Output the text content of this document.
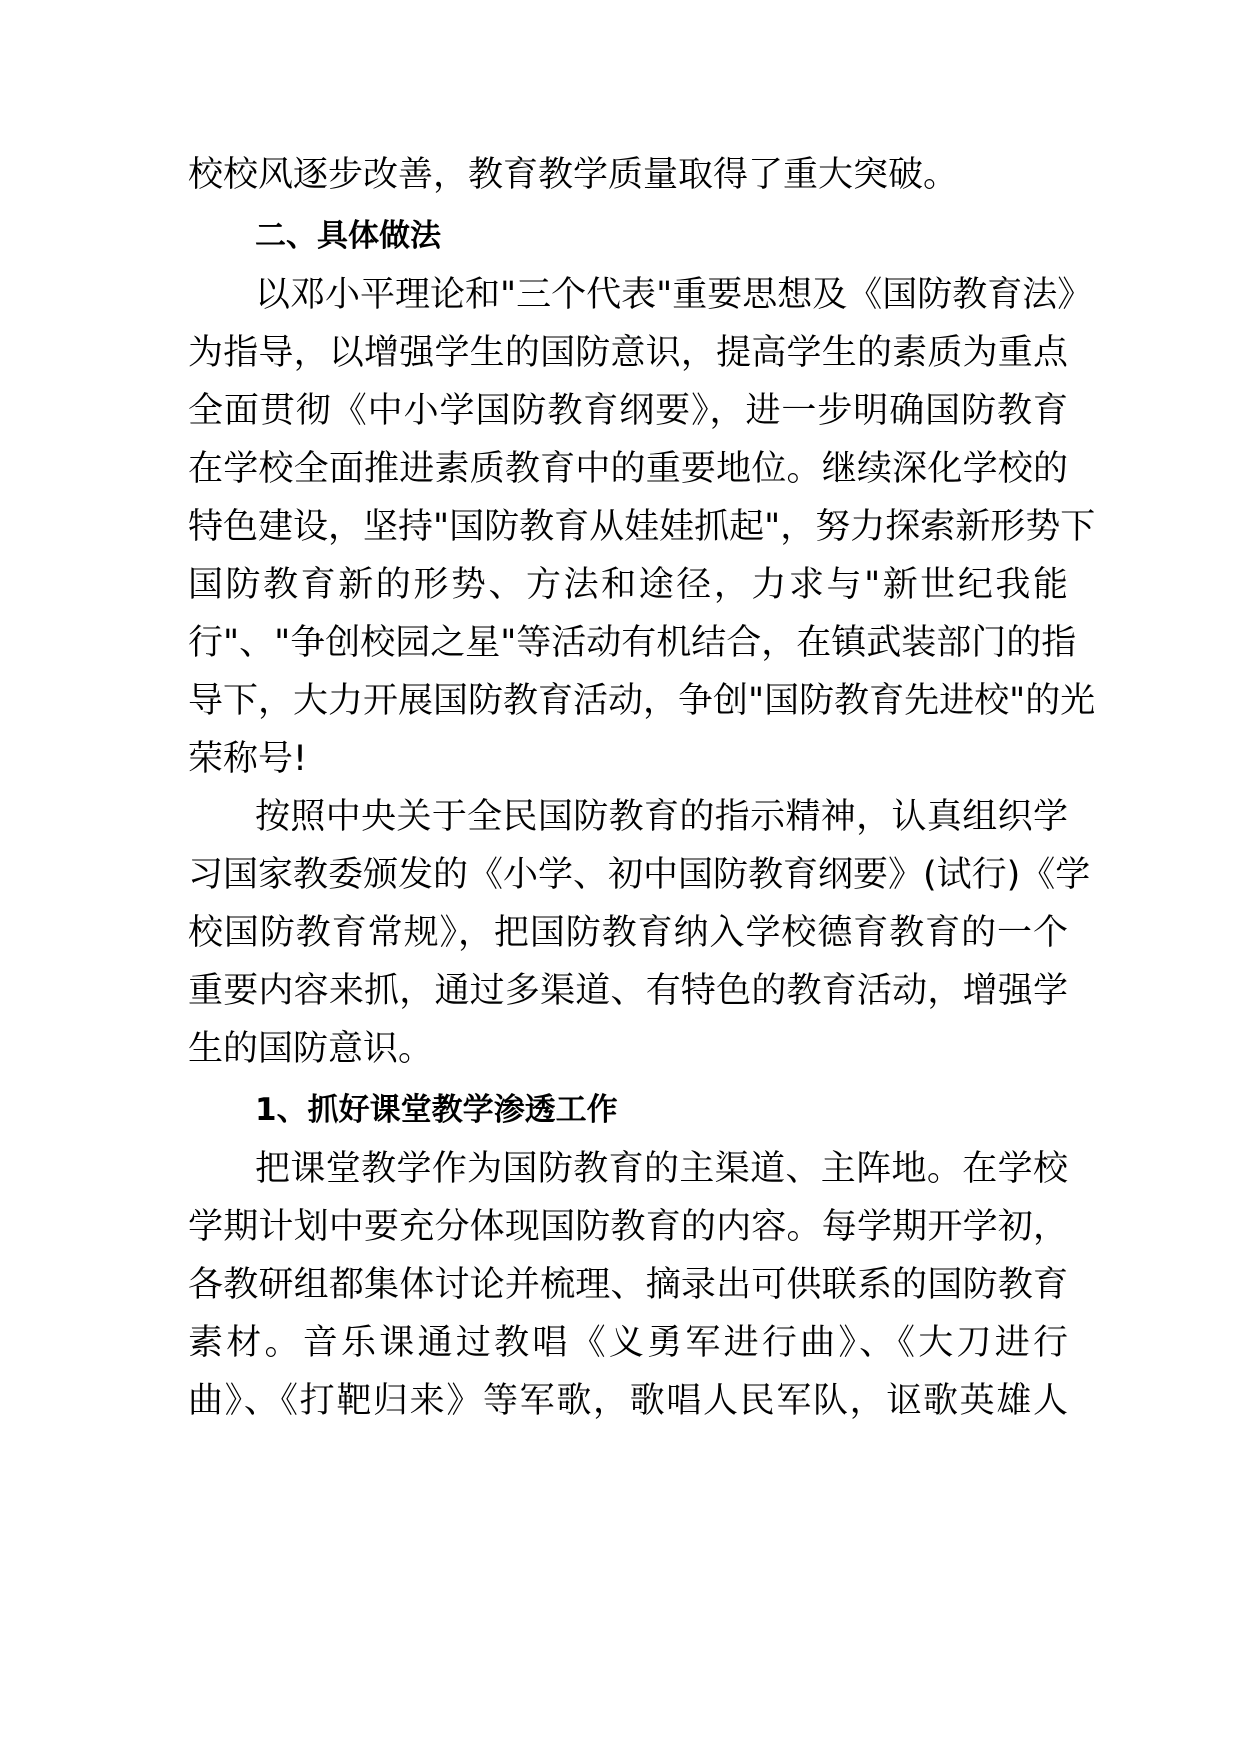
校校风逐步改善，教育教学质量取得了重大突破。
二、具体做法
以邓小平理论和"三个代表"重要思想及《国防教育法》
为指导，以增强学生的国防意识，提高学生的素质为重点
全面贯彻《中小学国防教育纲要》，进一步明确国防教育
在学校全面推进素质教育中的重要地位。继续深化学校的
特色建设，坚持"国防教育从娃娃抓起"，努力探索新形势下
国防教育新的形势、方法和途径，力求与"新世纪我能
行"、"争创校园之星"等活动有机结合，在镇武装部门的指
导下，大力开展国防教育活动，争创"国防教育先进校"的光
荣称号!
按照中央关于全民国防教育的指示精神，认真组织学
习国家教委颁发的《小学、初中国防教育纲要》(试行)《学
校国防教育常规》，把国防教育纳入学校德育教育的一个
重要内容来抓，通过多渠道、有特色的教育活动，增强学
生的国防意识。
1、抓好课堂教学渗透工作
把课堂教学作为国防教育的主渠道、主阵地。在学校
学期计划中要充分体现国防教育的内容。每学期开学初，
各教研组都集体讨论并梳理、摘录出可供联系的国防教育
素材。音乐课通过教唱《义勇军进行曲》、《大刀进行
曲》、《打靶归来》等军歌，歌唱人民军队，讴歌英雄人
